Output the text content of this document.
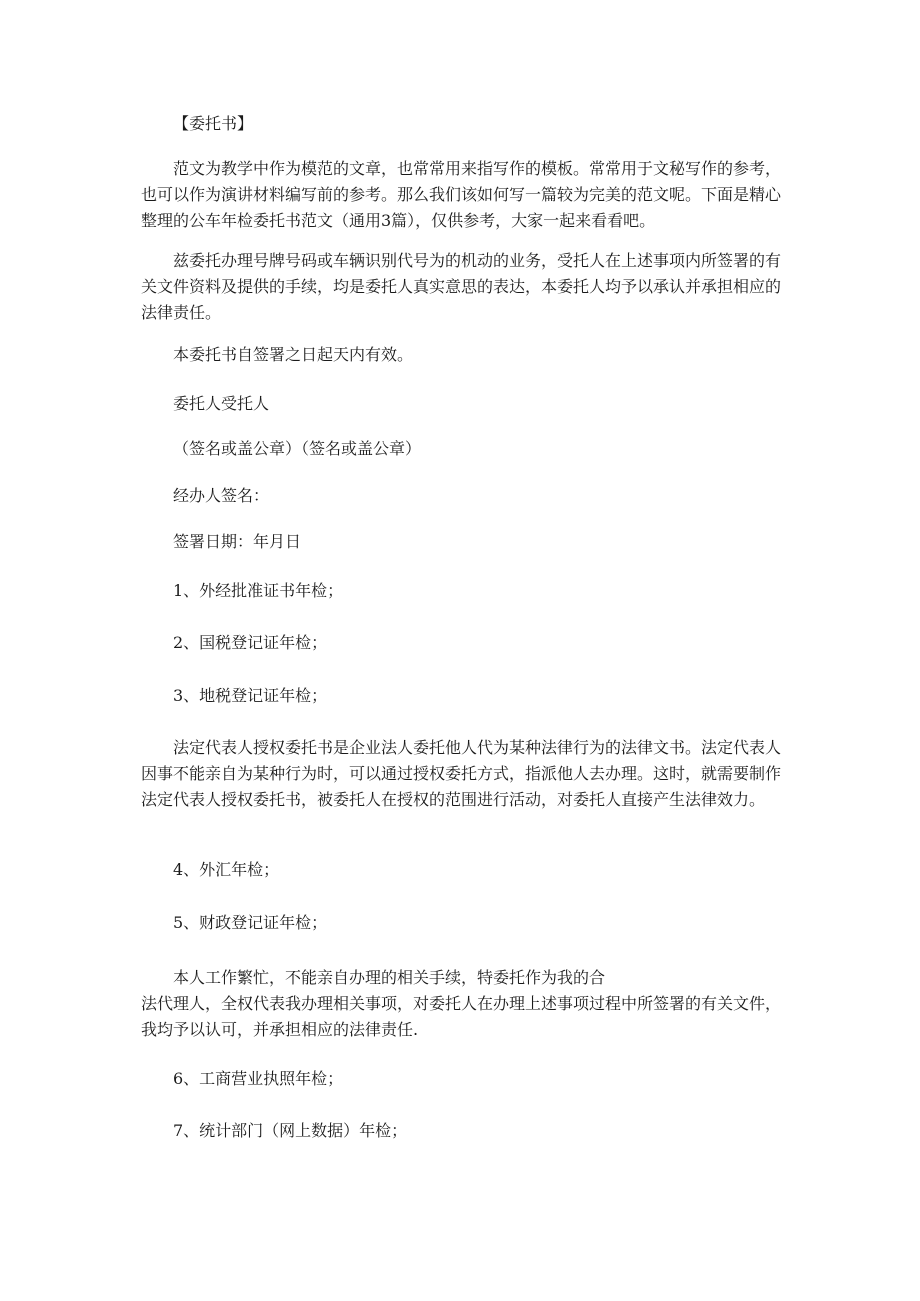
【委托书】

范文为教学中作为模范的文章，也常常用来指写作的模板。常常用于文秘写作的参考，也可以作为演讲材料编写前的参考。那么我们该如何写一篇较为完美的范文呢。下面是精心整理的公车年检委托书范文（通用3篇），仅供参考，大家一起来看看吧。

兹委托办理号牌号码或车辆识别代号为的机动的业务，受托人在上述事项内所签署的有关文件资料及提供的手续，均是委托人真实意思的表达，本委托人均予以承认并承担相应的法律责任。

本委托书自签署之日起天内有效。

委托人受托人

（签名或盖公章）（签名或盖公章）

经办人签名：

签署日期：年月日

1、外经批准证书年检；

2、国税登记证年检；

3、地税登记证年检；

法定代表人授权委托书是企业法人委托他人代为某种法律行为的法律文书。法定代表人因事不能亲自为某种行为时，可以通过授权委托方式，指派他人去办理。这时，就需要制作法定代表人授权委托书，被委托人在授权的范围进行活动，对委托人直接产生法律效力。

4、外汇年检；

5、财政登记证年检；

本人工作繁忙，不能亲自办理的相关手续，特委托作为我的合

法代理人，全权代表我办理相关事项，对委托人在办理上述事项过程中所签署的有关文件，我均予以认可，并承担相应的法律责任.

6、工商营业执照年检；

7、统计部门（网上数据）年检；
